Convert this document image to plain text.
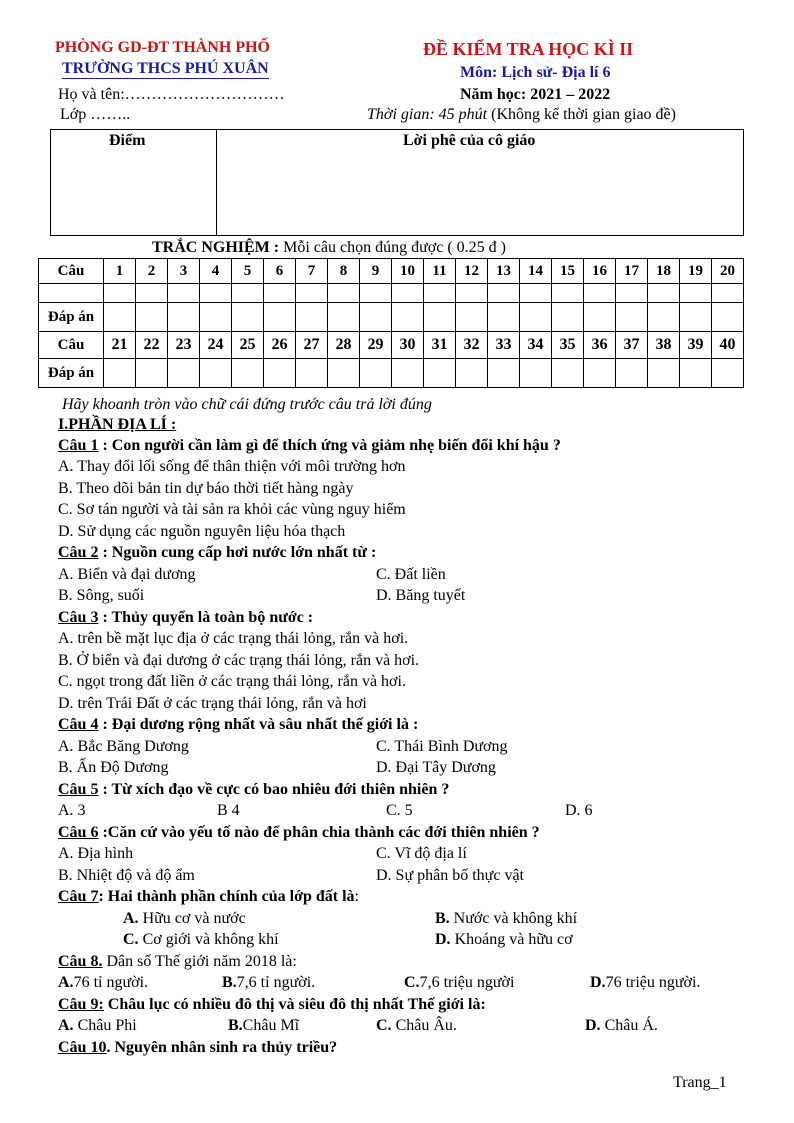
PHÒNG GD-ĐT THÀNH PHỐ
TRƯỜNG THCS PHÚ XUÂN
Họ và tên:…………………………
Lớp ……..
ĐỀ KIỂM TRA HỌC KÌ II
Môn: Lịch sử- Địa lí 6
Năm học: 2021 – 2022
Thời gian: 45 phút (Không kể thời gian giao đề)
Điểm	Lời phê của cô giáo
TRẮC NGHIỆM : Mỗi câu chọn đúng được ( 0.25 đ )
Câu	1	2	3	4	5	6	7	8	9	10	11	12	13	14	15	16	17	18	19	20

Đáp án																				
Câu	21	22	23	24	25	26	27	28	29	30	31	32	33	34	35	36	37	38	39	40
Đáp án																				
Hãy khoanh tròn vào chữ cái đứng trước câu trả lời đúng
I.PHẦN ĐỊA LÍ :
Câu 1 : Con người cần làm gì để thích ứng và giảm nhẹ biến đổi khí hậu ?
A. Thay đổi lối sống để thân thiện với môi trường hơn
B. Theo dõi bản tin dự báo thời tiết hàng ngày
C. Sơ tán người và tài sản ra khỏi các vùng nguy hiểm
D. Sử dụng các nguồn nguyên liệu hóa thạch
Câu 2 : Nguồn cung cấp hơi nước lớn nhất từ :
A. Biển và đại dương	C. Đất liền
B. Sông, suối	D. Băng tuyết
Câu 3 : Thủy quyển là toàn bộ nước :
A. trên bề mặt lục địa ở các trạng thái lỏng, rắn và hơi.
B. Ở biển và đại dương ở các trạng thái lỏng, rắn và hơi.
C. ngọt trong đất liền ở các trạng thái lỏng, rắn và hơi.
D. trên Trái Đất ở các trạng thái lỏng, rắn và hơi
Câu 4 : Đại dương rộng nhất và sâu nhất thế giới là :
A. Bắc Băng Dương	C. Thái Bình Dương
B. Ấn Độ Dương	D. Đại Tây Dương
Câu 5 : Từ xích đạo về cực có bao nhiêu đới thiên nhiên ?
A. 3	B 4	C. 5	D. 6
Câu 6 :Căn cứ vào yếu tố nào để phân chia thành các đới thiên nhiên ?
A. Địa hình	C. Vĩ độ địa lí
B. Nhiệt độ và độ ẩm	D. Sự phân bố thực vật
Câu 7: Hai thành phần chính của lớp đất là:
A. Hữu cơ và nước	B. Nước và không khí
C. Cơ giới và không khí	D. Khoáng và hữu cơ
Câu 8. Dân số Thế giới năm 2018 là:
A.76 tỉ người.	B.7,6 tỉ người.	C.7,6 triệu người	D.76 triệu người.
Câu 9: Châu lục có nhiều đô thị và siêu đô thị nhất Thế giới là:
A. Châu Phi	B.Châu Mĩ	C. Châu Âu.	D. Châu Á.
Câu 10. Nguyên nhân sinh ra thủy triều?
Trang_1
